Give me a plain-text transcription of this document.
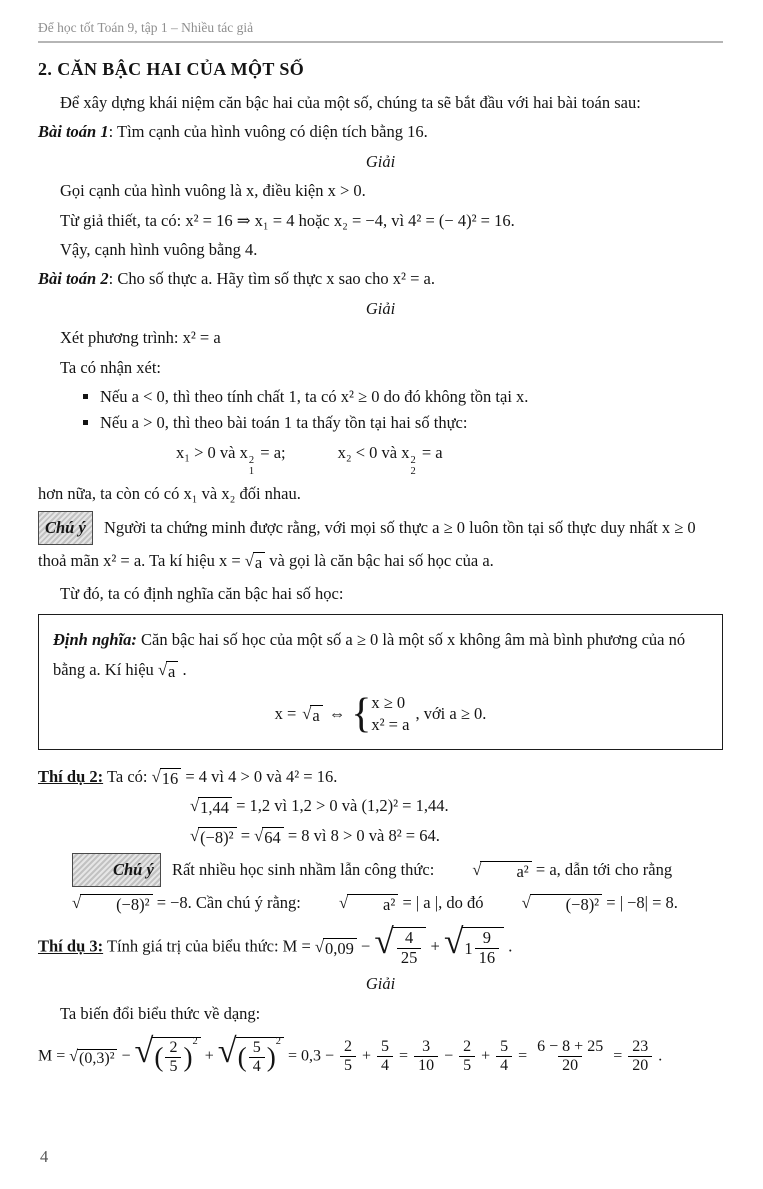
Để học tốt Toán 9, tập 1 – Nhiều tác giả
2. CĂN BẬC HAI CỦA MỘT SỐ

Để xây dựng khái niệm căn bậc hai của một số, chúng ta sẽ bắt đầu với hai bài toán sau:

Bài toán 1: Tìm cạnh của hình vuông có diện tích bằng 16.

Giải

Gọi cạnh của hình vuông là x, điều kiện x > 0.

Từ giả thiết, ta có: x² = 16 ⇒ x₁ = 4 hoặc x₂ = −4, vì 4² = (− 4)² = 16.

Vậy, cạnh hình vuông bằng 4.

Bài toán 2: Cho số thực a. Hãy tìm số thực x sao cho x² = a.

Giải

Xét phương trình: x² = a

Ta có nhận xét:

▪ Nếu a < 0, thì theo tính chất 1, ta có x² ≥ 0 do đó không tồn tại x.
▪ Nếu a > 0, thì theo bài toán 1 ta thấy tồn tại hai số thực:

x₁ > 0 và x 2
1
= a;	x₂ < 0 và x 2
2
= a

hơn nữa, ta còn có có x₁ và x₂ đối nhau.

Chú ý Người ta chứng minh được rằng, với mọi số thực a ≥ 0 luôn tồn tại số thực duy nhất x ≥ 0 thoả mãn x² = a. Ta kí hiệu x = √ a và gọi là căn bậc hai số học của a.

Từ đó, ta có định nghĩa căn bậc hai số học:

Định nghĩa: Căn bậc hai số học của một số a ≥ 0 là một số x không âm mà bình phương của nó bằng a. Kí hiệu √ a .

x = √ a ⇔ { x ≥ 0
x² = a
, với a ≥ 0.

Thí dụ 2: Ta có: √ 16 = 4 vì 4 > 0 và 4² = 16.

√ 1,44 = 1,2 vì 1,2 > 0 và (1,2)² = 1,44.

√ (−8)² = √ 64 = 8 vì 8 > 0 và 8² = 64.

Chú ý Rất nhiều học sinh nhầm lẫn công thức:	√	a² = a, dẫn tới cho rằng
√	(−8)² = −8. Cần chú ý rằng:	√	a² = | a |, do đó	√	(−8)² = | −8| = 8.

Thí dụ 3: Tính giá trị của biểu thức: M = √ 0,09 − √ $\frac{4}{25}$ + √ $1 \frac{9}{16}$ .

Giải

Ta biến đổi biểu thức về dạng:

M = √ (0,3)² − √ ( $\frac{2}{5}$ )
2
+ √ ( $\frac{5}{4}$ )
2
= $0,3 - \frac{2}{5} + \frac{5}{4} = \frac{3}{10} - \frac{2}{5} + \frac{5}{4} = \frac{6 - 8 + 25}{20} = \frac{23}{20}$ .

4
